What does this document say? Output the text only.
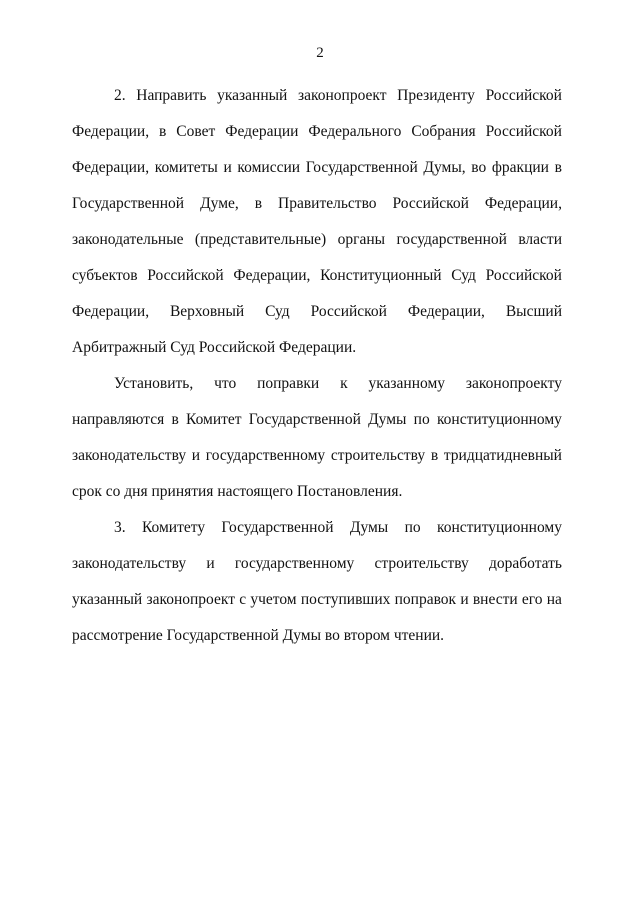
2
2. Направить указанный законопроект Президенту Российской
Федерации, в Совет Федерации Федерального Собрания Российской
Федерации, комитеты и комиссии Государственной Думы, во фракции в
Государственной Думе, в Правительство Российской Федерации,
законодательные (представительные) органы государственной власти
субъектов Российской Федерации, Конституционный Суд Российской
Федерации, Верховный Суд Российской Федерации, Высший
Арбитражный Суд Российской Федерации.
Установить, что поправки к указанному законопроекту
направляются в Комитет Государственной Думы по конституционному
законодательству и государственному строительству в тридцатидневный
срок со дня принятия настоящего Постановления.
3. Комитету Государственной Думы по конституционному
законодательству и государственному строительству доработать
указанный законопроект с учетом поступивших поправок и внести его на
рассмотрение Государственной Думы во втором чтении.
